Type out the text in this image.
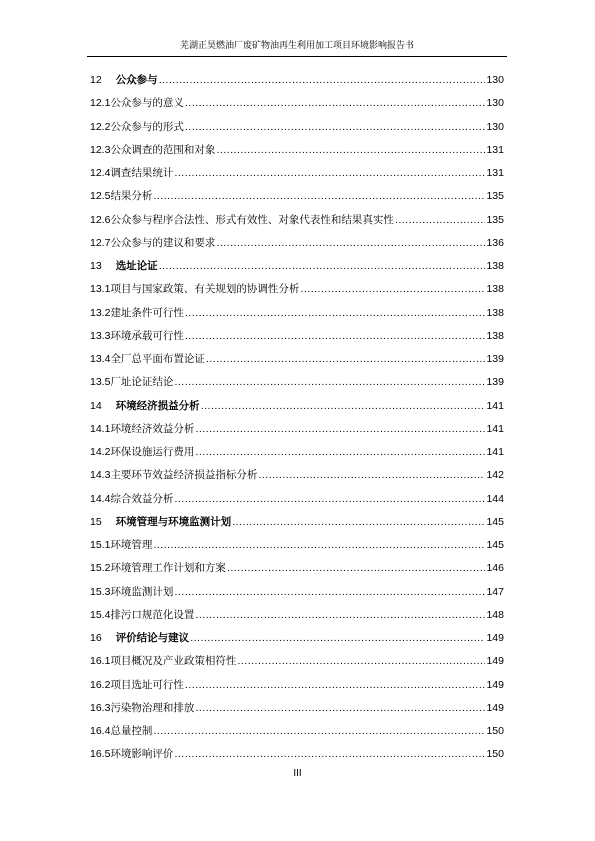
芜湖正昊燃油厂废矿物油再生利用加工项目环境影响报告书
12 公众参与 .....	130
12.1 公众参与的意义 .....	130
12.2 公众参与的形式 .....	130
12.3 公众调查的范围和对象 .....	131
12.4 调查结果统计 .....	131
12.5 结果分析 .....	135
12.6 公众参与程序合法性、形式有效性、对象代表性和结果真实性 .....	135
12.7 公众参与的建议和要求 .....	136
13 选址论证 .....	138
13.1 项目与国家政策、有关规划的协调性分析 .....	138
13.2 建址条件可行性 .....	138
13.3 环境承载可行性 .....	138
13.4 全厂总平面布置论证 .....	139
13.5 厂址论证结论 .....	139
14 环境经济损益分析 .....	141
14.1 环境经济效益分析 .....	141
14.2 环保设施运行费用 .....	141
14.3 主要环节效益经济损益指标分析 .....	142
14.4 综合效益分析 .....	144
15 环境管理与环境监测计划 .....	145
15.1 环境管理 .....	145
15.2 环境管理工作计划和方案 .....	146
15.3 环境监测计划 .....	147
15.4 排污口规范化设置 .....	148
16 评价结论与建议 .....	149
16.1 项目概况及产业政策相符性 .....	149
16.2 项目选址可行性 .....	149
16.3 污染物治理和排放 .....	149
16.4 总量控制 .....	150
16.5 环境影响评价 .....	150
III
